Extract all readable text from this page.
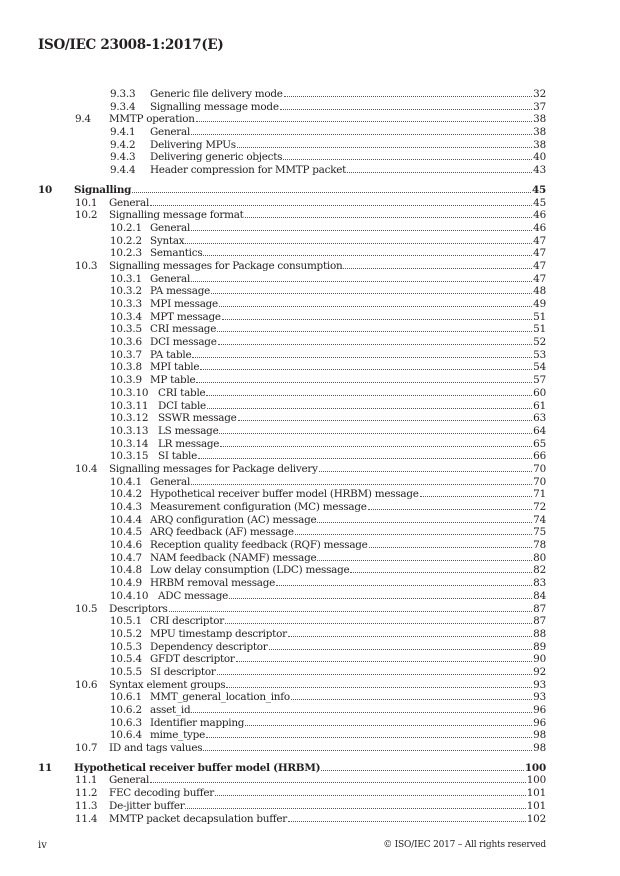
ISO/IEC 23008-1:2017(E)
9.3.3	Generic file delivery mode	32
9.3.4	Signalling message mode	37
9.4	MMTP operation	38
9.4.1	General	38
9.4.2	Delivering MPUs	38
9.4.3	Delivering generic objects	40
9.4.4	Header compression for MMTP packet	43
10	Signalling	45
10.1	General	45
10.2	Signalling message format	46
10.2.1 General	46
10.2.2 Syntax	47
10.2.3 Semantics	47
10.3	Signalling messages for Package consumption	47
10.3.1 General	47
10.3.2 PA message	48
10.3.3 MPI message	49
10.3.4 MPT message	51
10.3.5 CRI message	51
10.3.6 DCI message	52
10.3.7 PA table	53
10.3.8 MPI table	54
10.3.9 MP table	57
10.3.10 CRI table	60
10.3.11 DCI table	61
10.3.12 SSWR message	63
10.3.13 LS message	64
10.3.14 LR message	65
10.3.15 SI table	66
10.4	Signalling messages for Package delivery	70
10.4.1 General	70
10.4.2 Hypothetical receiver buffer model (HRBM) message	71
10.4.3 Measurement configuration (MC) message	72
10.4.4 ARQ configuration (AC) message	74
10.4.5 ARQ feedback (AF) message	75
10.4.6 Reception quality feedback (RQF) message	78
10.4.7 NAM feedback (NAMF) message	80
10.4.8 Low delay consumption (LDC) message	82
10.4.9 HRBM removal message	83
10.4.10 ADC message	84
10.5	Descriptors	87
10.5.1 CRI descriptor	87
10.5.2 MPU timestamp descriptor	88
10.5.3 Dependency descriptor	89
10.5.4 GFDT descriptor	90
10.5.5 SI descriptor	92
10.6	Syntax element groups	93
10.6.1 MMT_general_location_info	93
10.6.2 asset_id	96
10.6.3 Identifier mapping	96
10.6.4 mime_type	98
10.7	ID and tags values	98
11	Hypothetical receiver buffer model (HRBM)	100
11.1	General	100
11.2	FEC decoding buffer	101
11.3	De-jitter buffer	101
11.4	MMTP packet decapsulation buffer	102
iv	© ISO/IEC 2017 – All rights reserved
